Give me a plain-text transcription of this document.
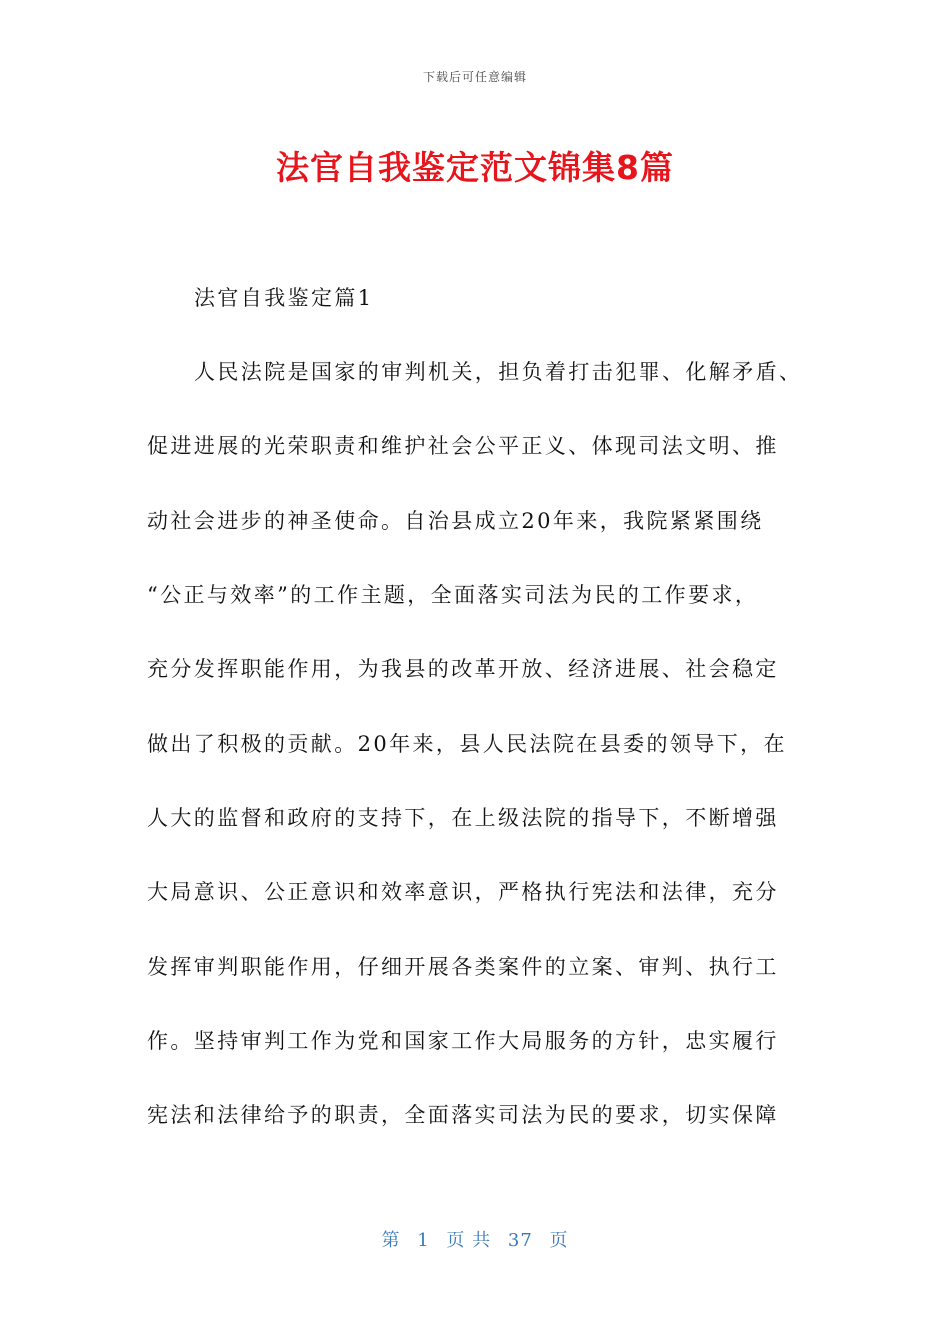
下载后可任意编辑
法官自我鉴定范文锦集8篇
法官自我鉴定篇1
人民法院是国家的审判机关，担负着打击犯罪、化解矛盾、
促进进展的光荣职责和维护社会公平正义、体现司法文明、推
动社会进步的神圣使命。自治县成立20年来，我院紧紧围绕
“公正与效率”的工作主题，全面落实司法为民的工作要求，
充分发挥职能作用，为我县的改革开放、经济进展、社会稳定
做出了积极的贡献。20年来，县人民法院在县委的领导下，在
人大的监督和政府的支持下，在上级法院的指导下，不断增强
大局意识、公正意识和效率意识，严格执行宪法和法律，充分
发挥审判职能作用，仔细开展各类案件的立案、审判、执行工
作。坚持审判工作为党和国家工作大局服务的方针，忠实履行
宪法和法律给予的职责，全面落实司法为民的要求，切实保障
第 1 页 共 37 页
